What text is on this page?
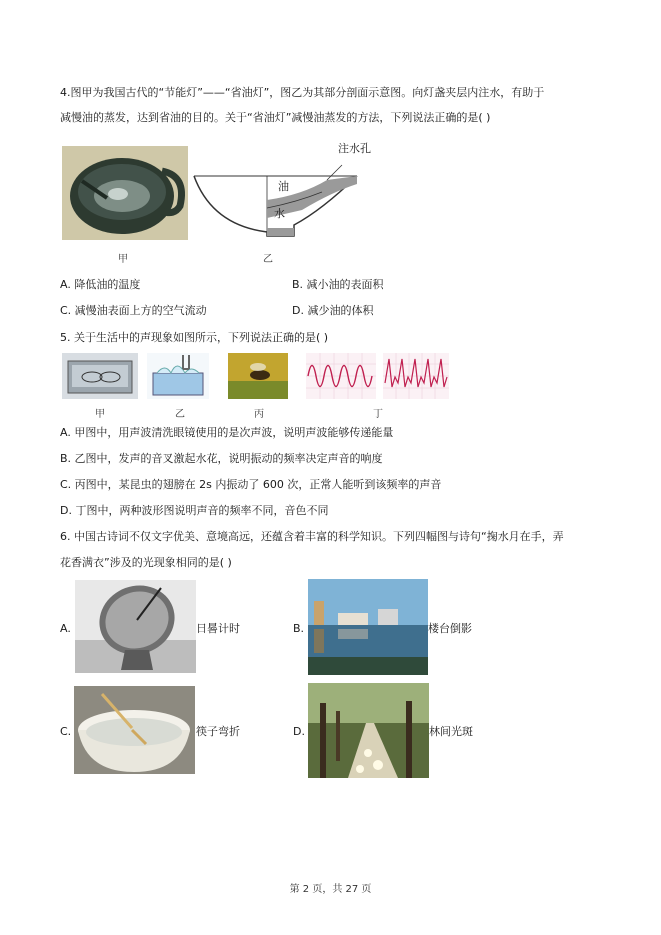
4.图甲为我国古代的“节能灯”——“省油灯”，图乙为其部分剖面示意图。向灯盏夹层内注水，有助于
减慢油的蒸发，达到省油的目的。关于“省油灯”减慢油蒸发的方法，下列说法正确的是( )
甲
注水孔
油
水
乙
A. 降低油的温度	B. 减小油的表面积
C. 减慢油表面上方的空气流动	D. 减少油的体积
5. 关于生活中的声现象如图所示，下列说法正确的是( )
甲	乙	丙	丁
A. 甲图中，用声波清洗眼镜使用的是次声波，说明声波能够传递能量
B. 乙图中，发声的音叉激起水花，说明振动的频率决定声音的响度
C. 丙图中，某昆虫的翅膀在 2s 内振动了 600 次，正常人能听到该频率的声音
D. 丁图中，两种波形图说明声音的频率不同，音色不同
6. 中国古诗词不仅文字优美、意境高远，还蕴含着丰富的科学知识。下列四幅图与诗句“掬水月在手，弄
花香满衣”涉及的光现象相同的是( )
A.	日晷计时	B.	楼台倒影
C.	筷子弯折	D.	林间光斑
第 2 页，共 27 页
